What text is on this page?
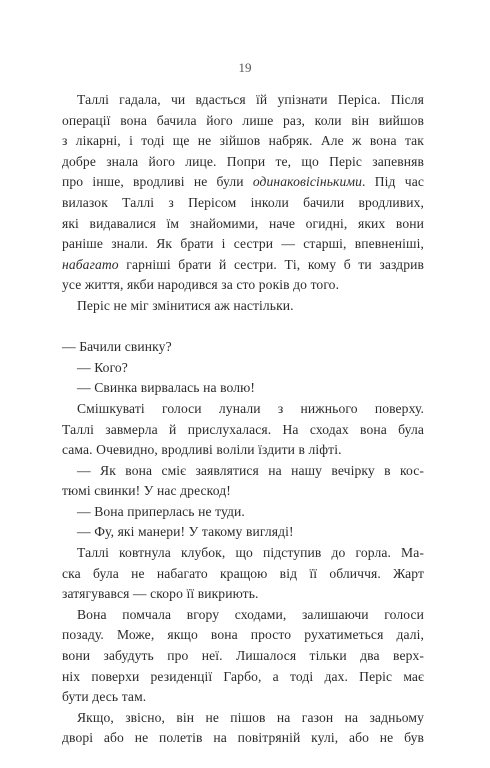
19
Таллі гадала, чи вдасться їй упізнати Періса. Після
операції вона бачила його лише раз, коли він вийшов
з лікарні, і тоді ще не зійшов набряк. Але ж вона так
добре знала його лице. Попри те, що Періс запевняв
про інше, вродливі не були одинаковісінькими. Під час
вилазок Таллі з Перісом інколи бачили вродливих,
які видавалися їм знайомими, наче огидні, яких вони
раніше знали. Як брати і сестри — старші, впевненіші,
набагато гарніші брати й сестри. Ті, кому б ти заздрив
усе життя, якби народився за сто років до того.
Періс не міг змінитися аж настільки.
— Бачили свинку?
— Кого?
— Свинка вирвалась на волю!
Смішкуваті голоси лунали з нижнього поверху.
Таллі завмерла й прислухалася. На сходах вона була
сама. Очевидно, вродливі воліли їздити в ліфті.
— Як вона сміє заявлятися на нашу вечірку в кос-
тюмі свинки! У нас дрескод!
— Вона приперлась не туди.
— Фу, які манери! У такому вигляді!
Таллі ковтнула клубок, що підступив до горла. Ма-
ска була не набагато кращою від її обличчя. Жарт
затягувався — скоро її викриють.
Вона помчала вгору сходами, залишаючи голоси
позаду. Може, якщо вона просто рухатиметься далі,
вони забудуть про неї. Лишалося тільки два верх-
ніх поверхи резиденції Гарбо, а тоді дах. Періс має
бути десь там.
Якщо, звісно, він не пішов на газон на задньому
дворі або не полетів на повітряній кулі, або не був
